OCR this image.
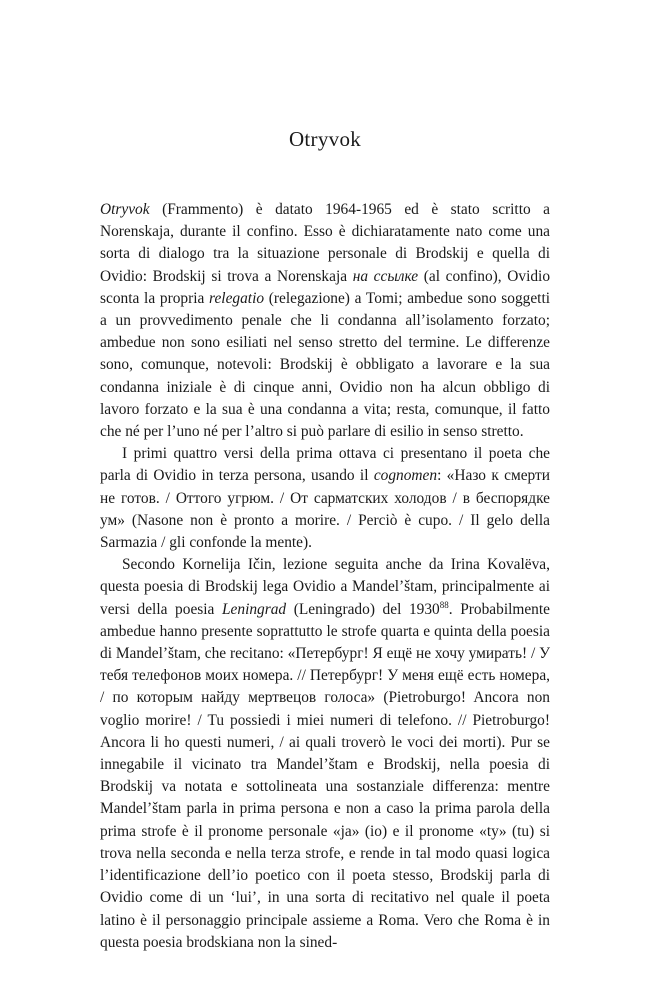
Otryvok

Otryvok (Frammento) è datato 1964-1965 ed è stato scritto a Norenskaja, durante il confino. Esso è dichiaratamente nato come una sorta di dialogo tra la situazione personale di Brodskij e quella di Ovidio: Brodskij si trova a Norenskaja на ссылке (al confino), Ovidio sconta la propria relegatio (relegazione) a Tomi; ambedue sono soggetti a un provvedimento penale che li condanna all’isolamento forzato; ambedue non sono esiliati nel senso stretto del termine. Le differenze sono, comunque, notevoli: Brodskij è obbligato a lavorare e la sua condanna iniziale è di cinque anni, Ovidio non ha alcun obbligo di lavoro forzato e la sua è una condanna a vita; resta, comunque, il fatto che né per l’uno né per l’altro si può parlare di esilio in senso stretto.

I primi quattro versi della prima ottava ci presentano il poeta che parla di Ovidio in terza persona, usando il cognomen: «Назо к смерти не готов. / Оттого угрюм. / От сарматских холодов / в беспорядке ум» (Nasone non è pronto a morire. / Perciò è cupo. / Il gelo della Sarmazia / gli confonde la mente).

Secondo Kornelija Ičin, lezione seguita anche da Irina Kovalëva, questa poesia di Brodskij lega Ovidio a Mandel’štam, principalmente ai versi della poesia Leningrad (Leningrado) del 1930$^{88}$. Probabilmente ambedue hanno presente soprattutto le strofe quarta e quinta della poesia di Mandel’štam, che recitano: «Петербург! Я ещё не хочу умирать! / У тебя телефонов моих номера. // Петербург! У меня ещё есть номера, / по которым найду мертвецов голоса» (Pietroburgo! Ancora non voglio morire! / Tu possiedi i miei numeri di telefono. // Pietroburgo! Ancora li ho questi numeri, / ai quali troverò le voci dei morti). Pur se innegabile il vicinato tra Mandel’štam e Brodskij, nella poesia di Brodskij va notata e sottolineata una sostanziale differenza: mentre Mandel’štam parla in prima persona e non a caso la prima parola della prima strofe è il pronome personale «ja» (io) e il pronome «ty» (tu) si trova nella seconda e nella terza strofe, e rende in tal modo quasi logica l’identificazione dell’io poetico con il poeta stesso, Brodskij parla di Ovidio come di un ‘lui’, in una sorta di recitativo nel quale il poeta latino è il personaggio principale assieme a Roma. Vero che Roma è in questa poesia brodskiana non la sined-
